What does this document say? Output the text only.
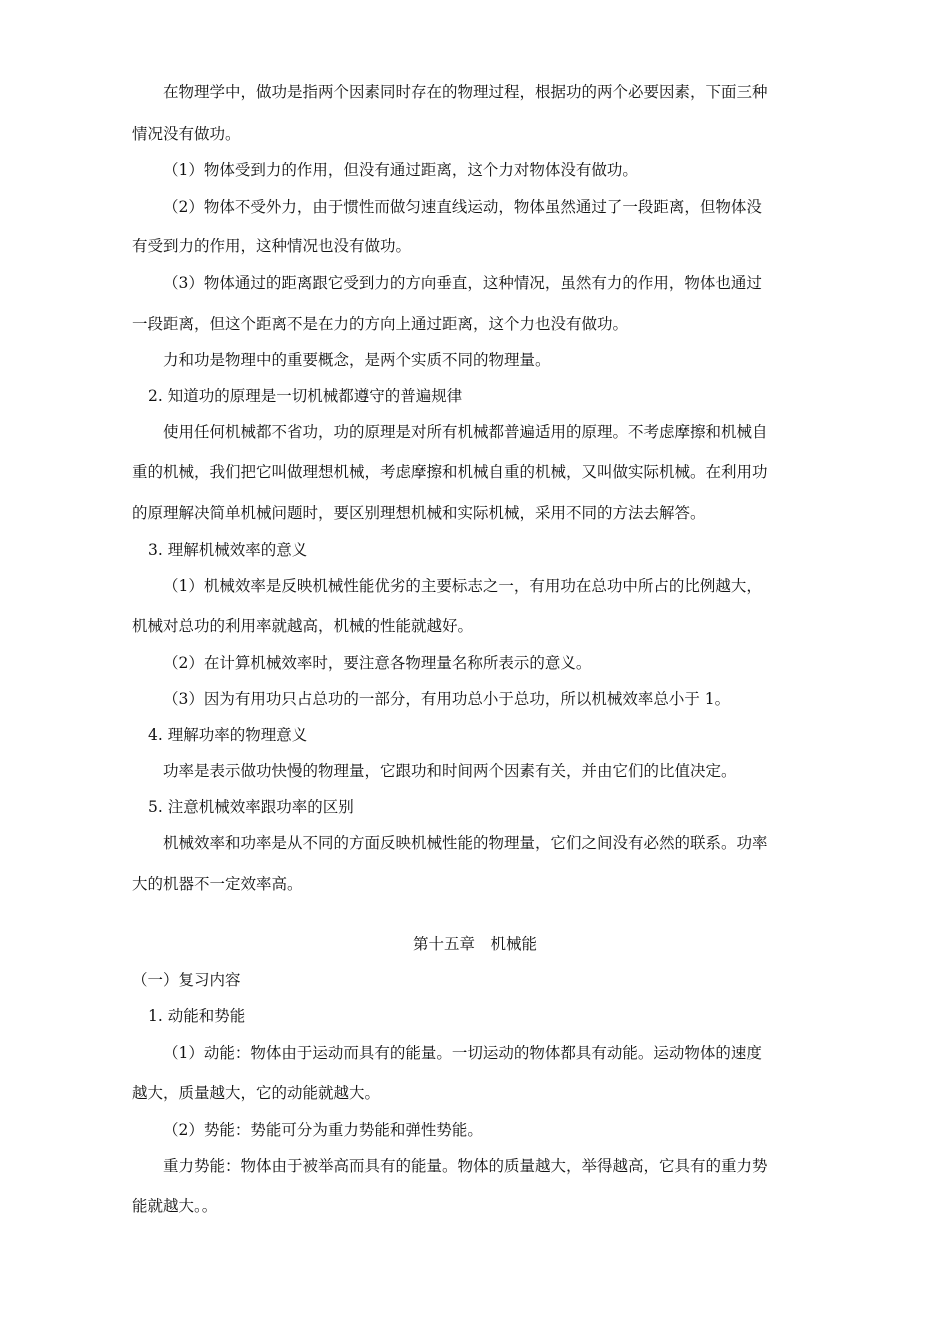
在物理学中，做功是指两个因素同时存在的物理过程，根据功的两个必要因素，下面三种
情况没有做功。
（1）物体受到力的作用，但没有通过距离，这个力对物体没有做功。
（2）物体不受外力，由于惯性而做匀速直线运动，物体虽然通过了一段距离，但物体没
有受到力的作用，这种情况也没有做功。
（3）物体通过的距离跟它受到力的方向垂直，这种情况，虽然有力的作用，物体也通过
一段距离，但这个距离不是在力的方向上通过距离，这个力也没有做功。
力和功是物理中的重要概念，是两个实质不同的物理量。
2. 知道功的原理是一切机械都遵守的普遍规律
使用任何机械都不省功，功的原理是对所有机械都普遍适用的原理。不考虑摩擦和机械自
重的机械，我们把它叫做理想机械，考虑摩擦和机械自重的机械，又叫做实际机械。在利用功
的原理解决简单机械问题时，要区别理想机械和实际机械，采用不同的方法去解答。
3. 理解机械效率的意义
（1）机械效率是反映机械性能优劣的主要标志之一，有用功在总功中所占的比例越大，
机械对总功的利用率就越高，机械的性能就越好。
（2）在计算机械效率时，要注意各物理量名称所表示的意义。
（3）因为有用功只占总功的一部分，有用功总小于总功，所以机械效率总小于 1。
4. 理解功率的物理意义
功率是表示做功快慢的物理量，它跟功和时间两个因素有关，并由它们的比值决定。
5. 注意机械效率跟功率的区别
机械效率和功率是从不同的方面反映机械性能的物理量，它们之间没有必然的联系。功率
大的机器不一定效率高。
第十五章　机械能
（一）复习内容
1. 动能和势能
（1）动能：物体由于运动而具有的能量。一切运动的物体都具有动能。运动物体的速度
越大，质量越大，它的动能就越大。
（2）势能：势能可分为重力势能和弹性势能。
重力势能：物体由于被举高而具有的能量。物体的质量越大，举得越高，它具有的重力势
能就越大。。
